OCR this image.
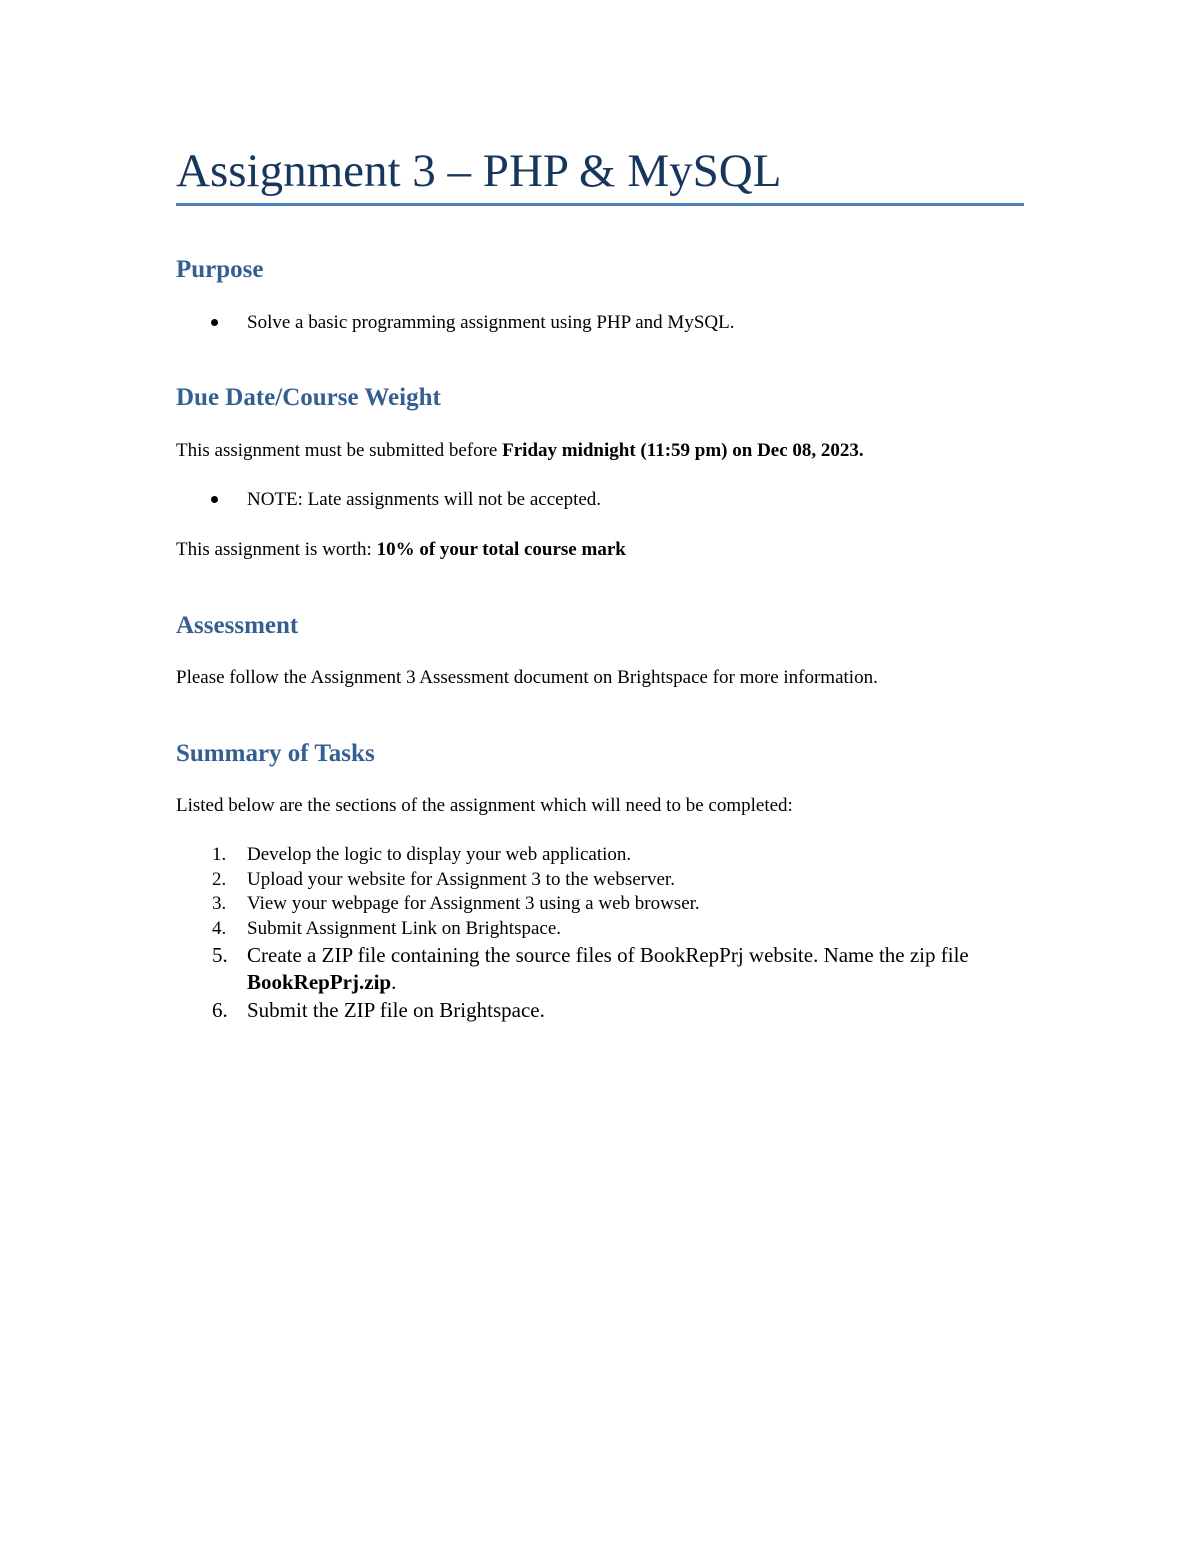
Assignment 3 – PHP & MySQL
Purpose
Solve a basic programming assignment using PHP and MySQL.
Due Date/Course Weight

This assignment must be submitted before Friday midnight (11:59 pm) on Dec 08, 2023.

NOTE: Late assignments will not be accepted.

This assignment is worth: 10% of your total course mark

Assessment

Please follow the Assignment 3 Assessment document on Brightspace for more information.

Summary of Tasks

Listed below are the sections of the assignment which will need to be completed:

1. Develop the logic to display your web application.
2. Upload your website for Assignment 3 to the webserver.
3. View your webpage for Assignment 3 using a web browser.
4. Submit Assignment Link on Brightspace.
5. Create a ZIP file containing the source files of BookRepPrj website. Name the zip file BookRepPrj.zip.
6. Submit the ZIP file on Brightspace.
